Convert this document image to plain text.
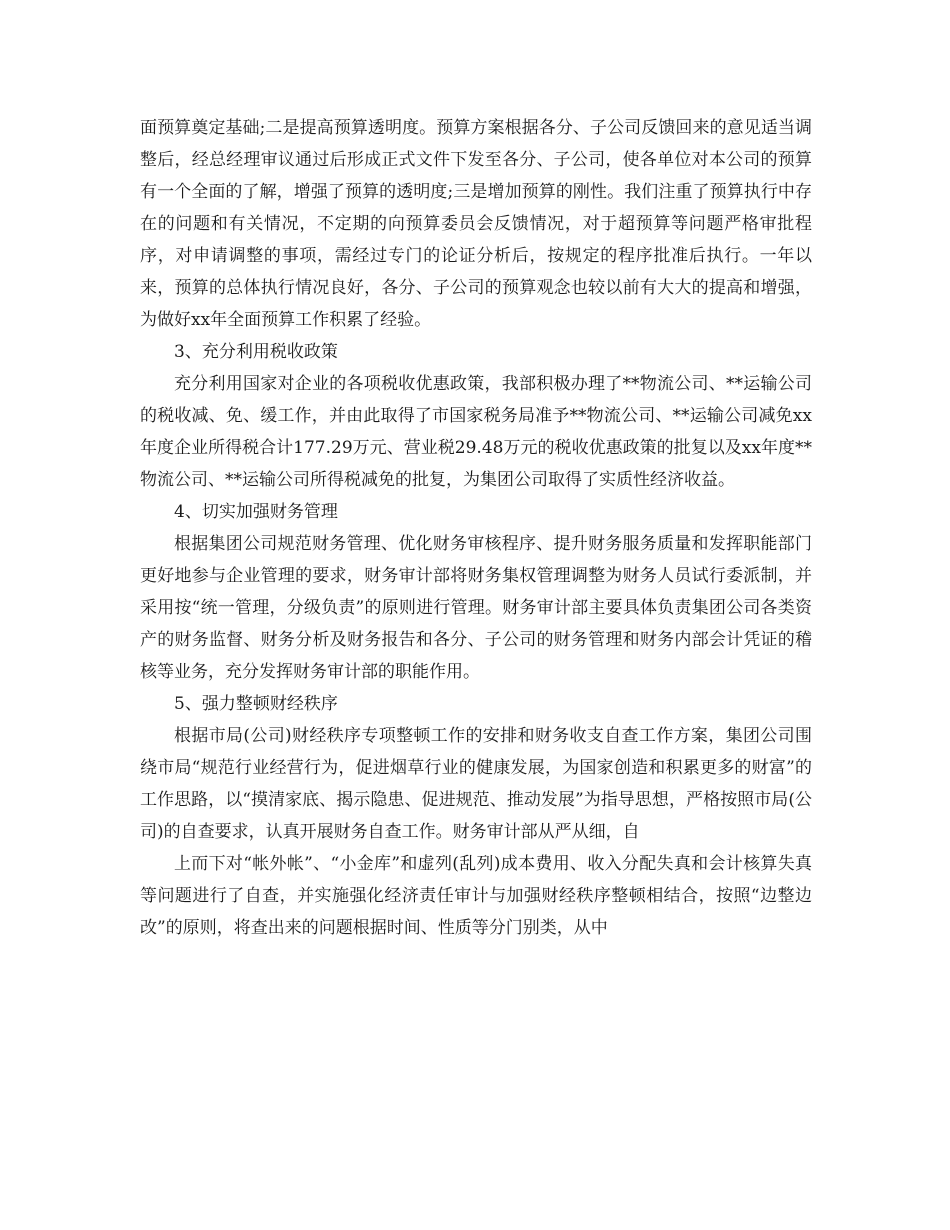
面预算奠定基础;二是提高预算透明度。预算方案根据各分、子公司反馈回来的意见适当调整后，经总经理审议通过后形成正式文件下发至各分、子公司，使各单位对本公司的预算有一个全面的了解，增强了预算的透明度;三是增加预算的刚性。我们注重了预算执行中存在的问题和有关情况，不定期的向预算委员会反馈情况，对于超预算等问题严格审批程序，对申请调整的事项，需经过专门的论证分析后，按规定的程序批准后执行。一年以来，预算的总体执行情况良好，各分、子公司的预算观念也较以前有大大的提高和增强，为做好xx年全面预算工作积累了经验。

3、充分利用税收政策

充分利用国家对企业的各项税收优惠政策，我部积极办理了**物流公司、**运输公司的税收减、免、缓工作，并由此取得了市国家税务局准予**物流公司、**运输公司减免xx年度企业所得税合计177.29万元、营业税29.48万元的税收优惠政策的批复以及xx年度**物流公司、**运输公司所得税减免的批复，为集团公司取得了实质性经济收益。

4、切实加强财务管理

根据集团公司规范财务管理、优化财务审核程序、提升财务服务质量和发挥职能部门更好地参与企业管理的要求，财务审计部将财务集权管理调整为财务人员试行委派制，并采用按“统一管理，分级负责”的原则进行管理。财务审计部主要具体负责集团公司各类资产的财务监督、财务分析及财务报告和各分、子公司的财务管理和财务内部会计凭证的稽核等业务，充分发挥财务审计部的职能作用。

5、强力整顿财经秩序

根据市局(公司)财经秩序专项整顿工作的安排和财务收支自查工作方案，集团公司围绕市局“规范行业经营行为，促进烟草行业的健康发展，为国家创造和积累更多的财富”的工作思路，以“摸清家底、揭示隐患、促进规范、推动发展”为指导思想，严格按照市局(公司)的自查要求，认真开展财务自查工作。财务审计部从严从细，自

上而下对“帐外帐”、“小金库”和虚列(乱列)成本费用、收入分配失真和会计核算失真等问题进行了自查，并实施强化经济责任审计与加强财经秩序整顿相结合，按照“边整边改”的原则，将查出来的问题根据时间、性质等分门别类，从中
